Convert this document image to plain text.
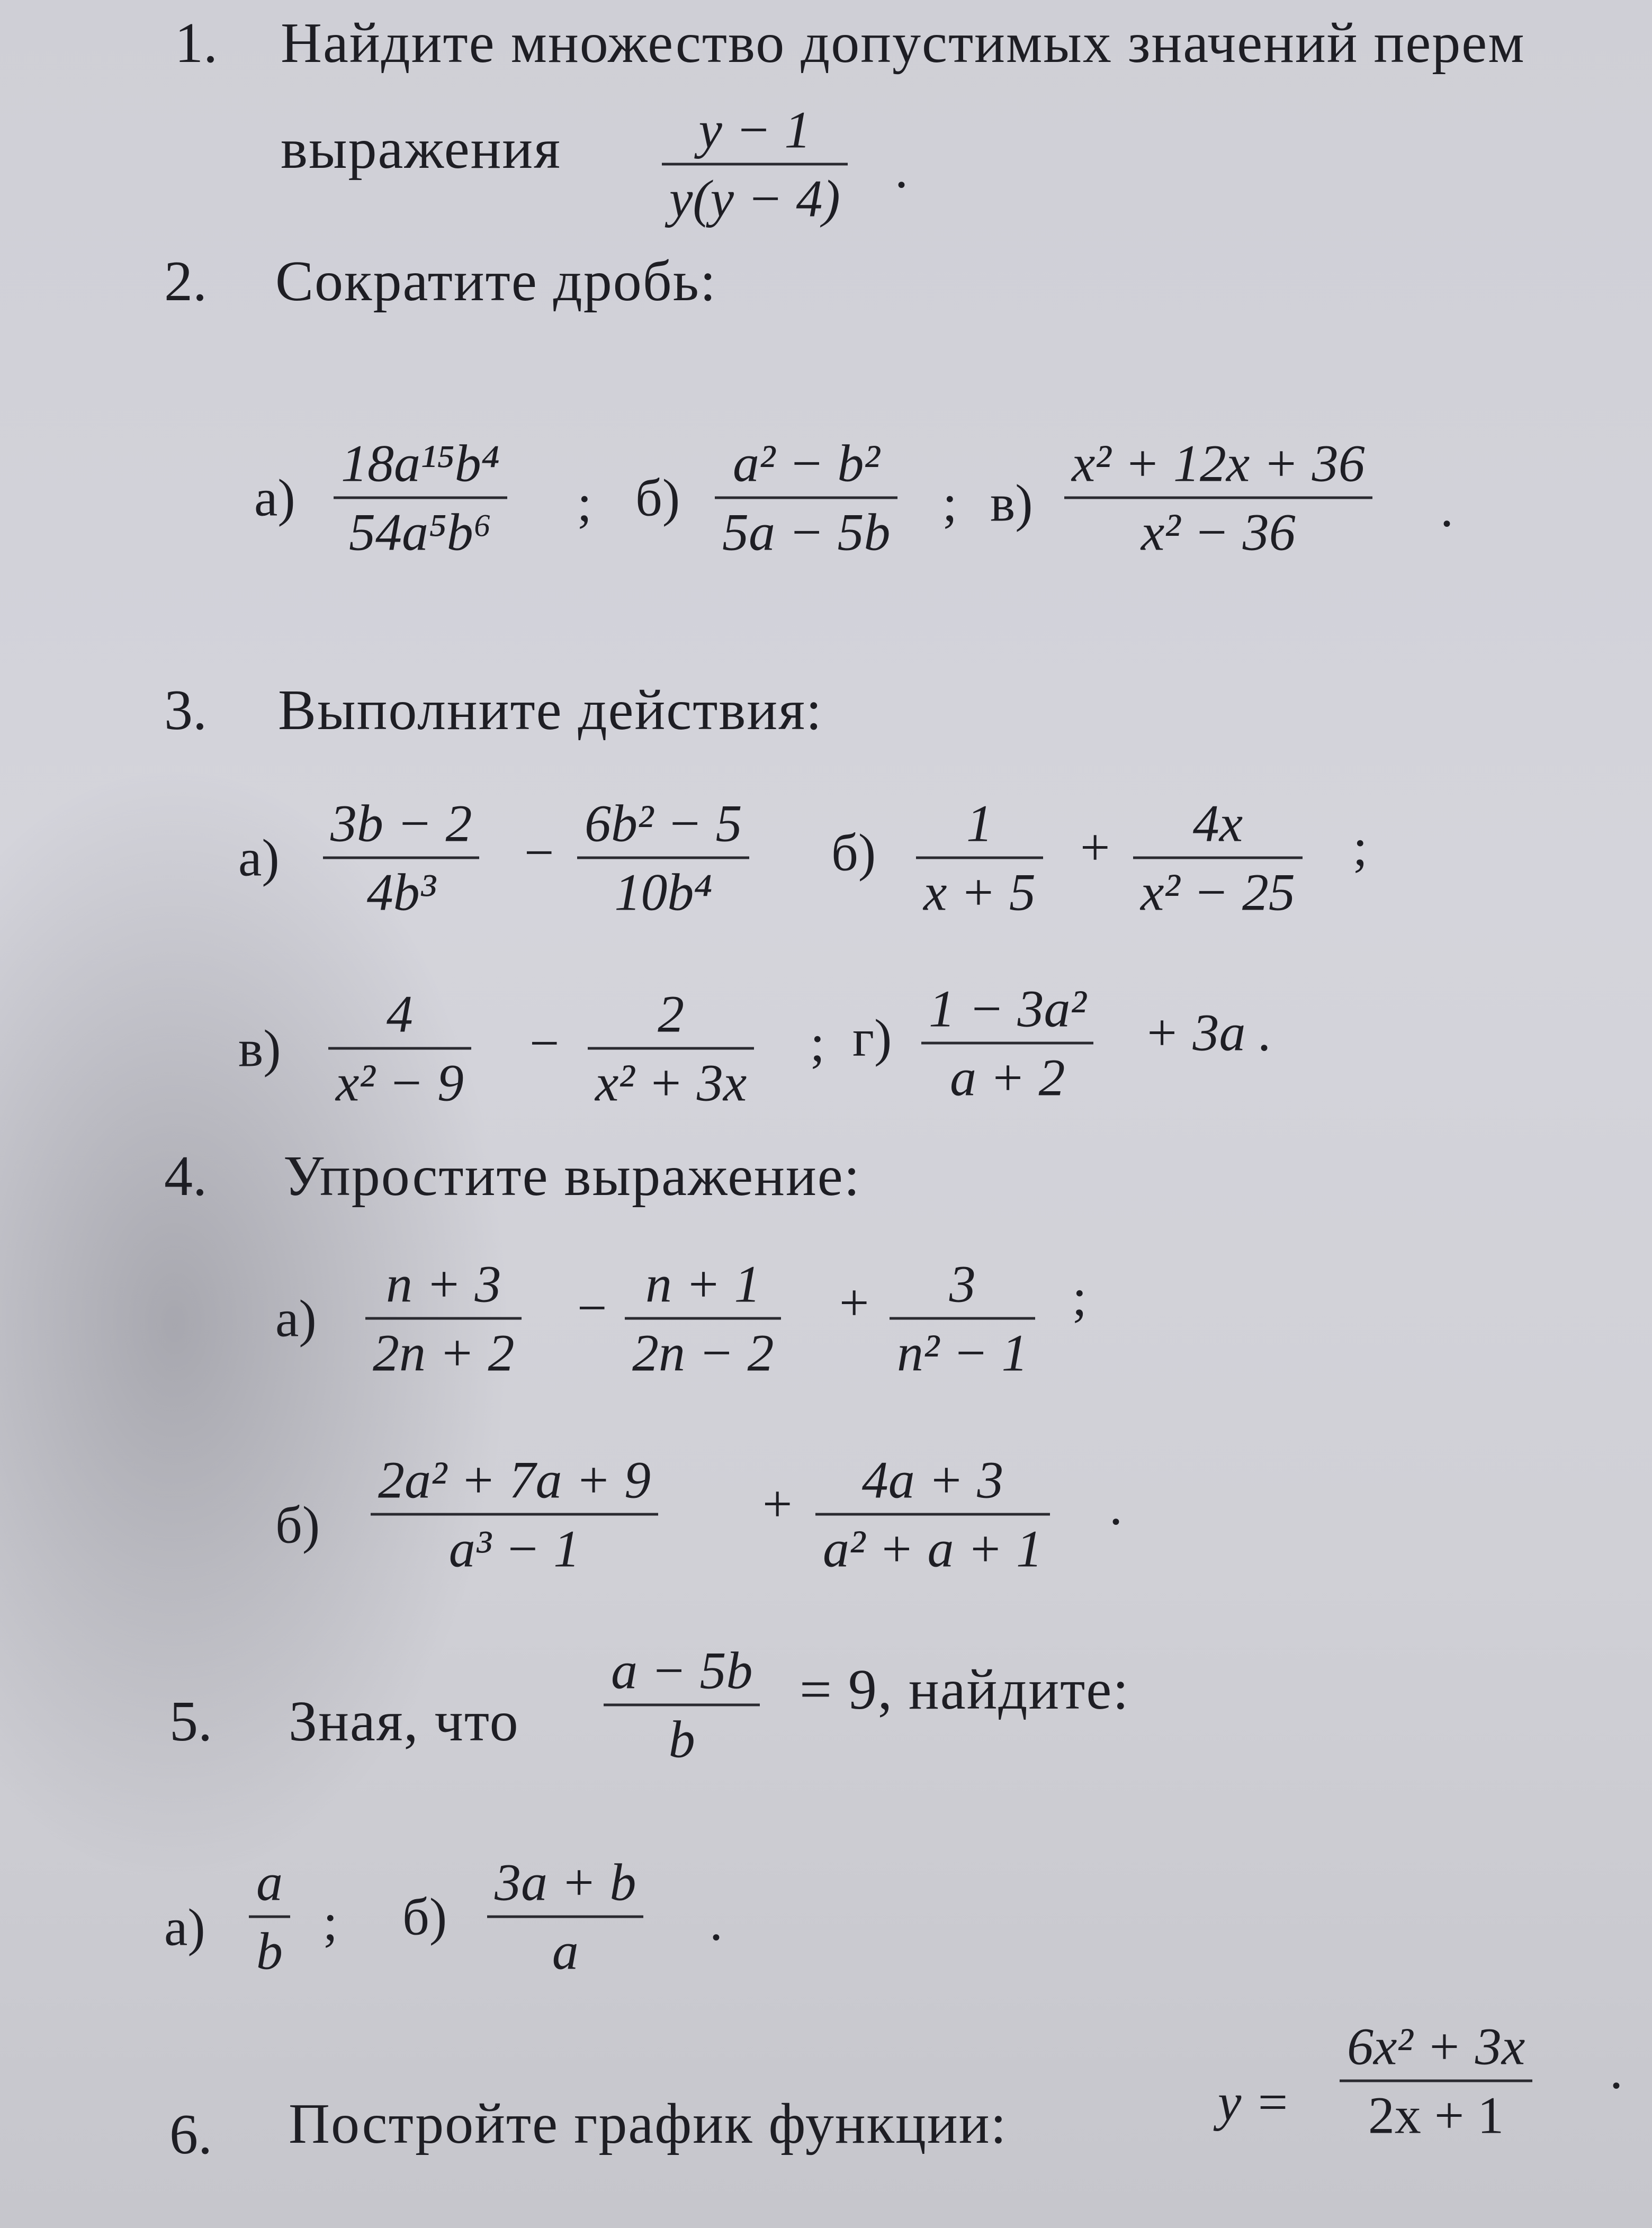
1. Найдите множество допустимых значений перем
выражения	y − 1
y(y − 4) .
2. Сократите дробь:
а)
18a¹⁵b⁴
54a⁵b⁶ ; б)
a² − b²
5a − 5b ; в)
x² + 12x + 36
x² − 36	.
3. Выполните действия:
а)
3b − 2
4b³
− 6b² − 5
10b⁴
б) 1
x + 5
+ 4x
x² − 25
;
в)
4
x² − 9
− 2
x² + 3x
; г) 1 − 3a²
a + 2
+ 3a .
4. Упростите выражение:
а)
n + 3
2n + 2
− n + 1
2n − 2
+ 3
n² − 1
;
б)
2a² + 7a + 9
a³ − 1
+ 4a + 3
a² + a + 1
.
5. Зная, что
a − 5b
b
= 9, найдите:
а)
a
b ; б)
3a + b
a .
6. Постройте график функции:	y =
6x² + 3x
2x + 1
.
